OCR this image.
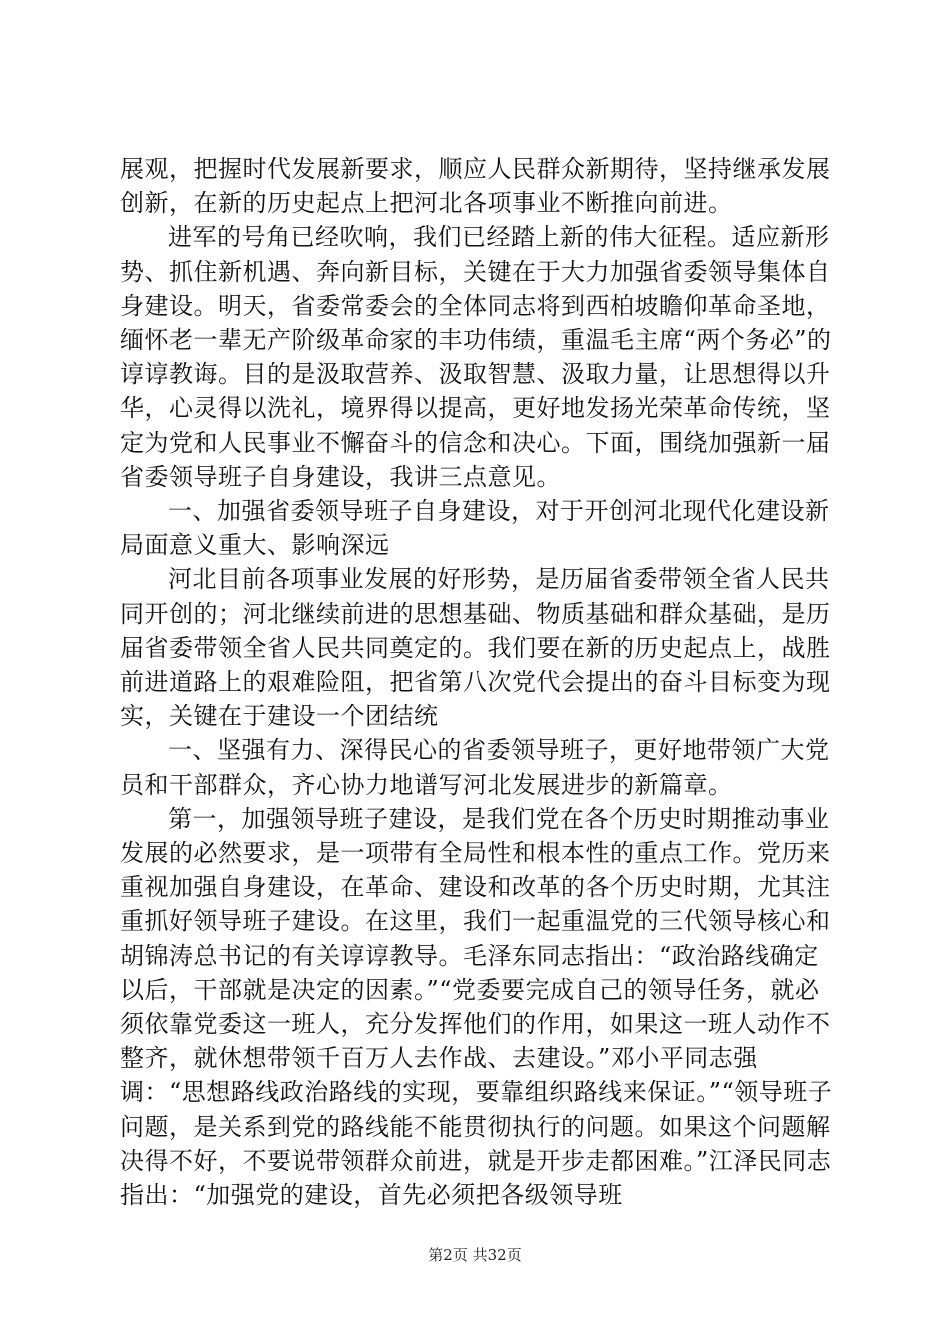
展观，把握时代发展新要求，顺应人民群众新期待，坚持继承发展创新，在新的历史起点上把河北各项事业不断推向前进。

进军的号角已经吹响，我们已经踏上新的伟大征程。适应新形势、抓住新机遇、奔向新目标，关键在于大力加强省委领导集体自身建设。明天，省委常委会的全体同志将到西柏坡瞻仰革命圣地，缅怀老一辈无产阶级革命家的丰功伟绩，重温毛主席“两个务必”的谆谆教诲。目的是汲取营养、汲取智慧、汲取力量，让思想得以升华，心灵得以洗礼，境界得以提高，更好地发扬光荣革命传统，坚定为党和人民事业不懈奋斗的信念和决心。下面，围绕加强新一届省委领导班子自身建设，我讲三点意见。

一、加强省委领导班子自身建设，对于开创河北现代化建设新局面意义重大、影响深远

河北目前各项事业发展的好形势，是历届省委带领全省人民共同开创的；河北继续前进的思想基础、物质基础和群众基础，是历届省委带领全省人民共同奠定的。我们要在新的历史起点上，战胜前进道路上的艰难险阻，把省第八次党代会提出的奋斗目标变为现实，关键在于建设一个团结统

一、坚强有力、深得民心的省委领导班子，更好地带领广大党员和干部群众，齐心协力地谱写河北发展进步的新篇章。

第一，加强领导班子建设，是我们党在各个历史时期推动事业发展的必然要求，是一项带有全局性和根本性的重点工作。党历来重视加强自身建设，在革命、建设和改革的各个历史时期，尤其注重抓好领导班子建设。在这里，我们一起重温党的三代领导核心和胡锦涛总书记的有关谆谆教导。毛泽东同志指出：“政治路线确定以后，干部就是决定的因素。”“党委要完成自己的领导任务，就必须依靠党委这一班人，充分发挥他们的作用，如果这一班人动作不整齐，就休想带领千百万人去作战、去建设。”邓小平同志强调：“思想路线政治路线的实现，要靠组织路线来保证。”“领导班子问题，是关系到党的路线能不能贯彻执行的问题。如果这个问题解决得不好，不要说带领群众前进，就是开步走都困难。”江泽民同志指出：“加强党的建设，首先必须把各级领导班

第2页 共32页
